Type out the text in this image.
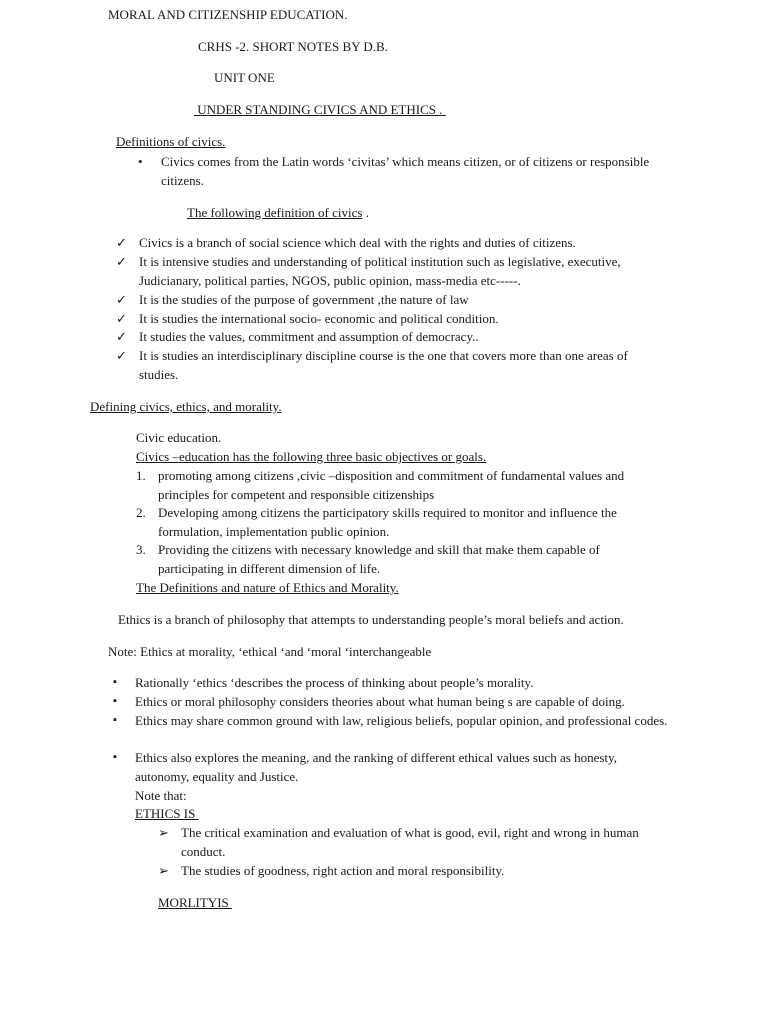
MORAL AND CITIZENSHIP EDUCATION.
CRHS -2. SHORT NOTES BY D.B.
UNIT ONE
UNDER STANDING CIVICS AND ETHICS .
Definitions of civics.
• Civics comes from the Latin words ‘civitas’ which means citizen, or of citizens or responsible citizens.
The following definition of civics .
✓ Civics is a branch of social science which deal with the rights and duties of citizens.
✓ It is intensive studies and understanding of political institution such as legislative, executive, Judicianary, political parties, NGOS, public opinion, mass-media etc-----.
✓ It is the studies of the purpose of government ,the nature of law
✓ It is studies the international socio- economic and political condition.
✓ It studies the values, commitment and assumption of democracy..
✓ It is studies an interdisciplinary discipline course is the one that covers more than one areas of studies.
Defining civics, ethics, and morality.
Civic education.
Civics –education has the following three basic objectives or goals.
1. promoting among citizens ,civic –disposition and commitment of fundamental values and principles for competent and responsible citizenships
2. Developing among citizens the participatory skills required to monitor and influence the formulation, implementation public opinion.
3. Providing the citizens with necessary knowledge and skill that make them capable of participating in different dimension of life.
The Definitions and nature of Ethics and Morality.
Ethics is a branch of philosophy that attempts to understanding people’s moral beliefs and action.
Note: Ethics at morality, ‘ethical ‘and ‘moral ‘interchangeable
▪ Rationally ‘ethics ‘describes the process of thinking about people’s morality.
▪ Ethics or moral philosophy considers theories about what human being s are capable of doing.
▪ Ethics may share common ground with law, religious beliefs, popular opinion, and professional codes.
▪ Ethics also explores the meaning, and the ranking of different ethical values such as honesty, autonomy, equality and Justice.
Note that:
ETHICS IS
➢ The critical examination and evaluation of what is good, evil, right and wrong in human conduct.
➢ The studies of goodness, right action and moral responsibility.
MORLITYIS
